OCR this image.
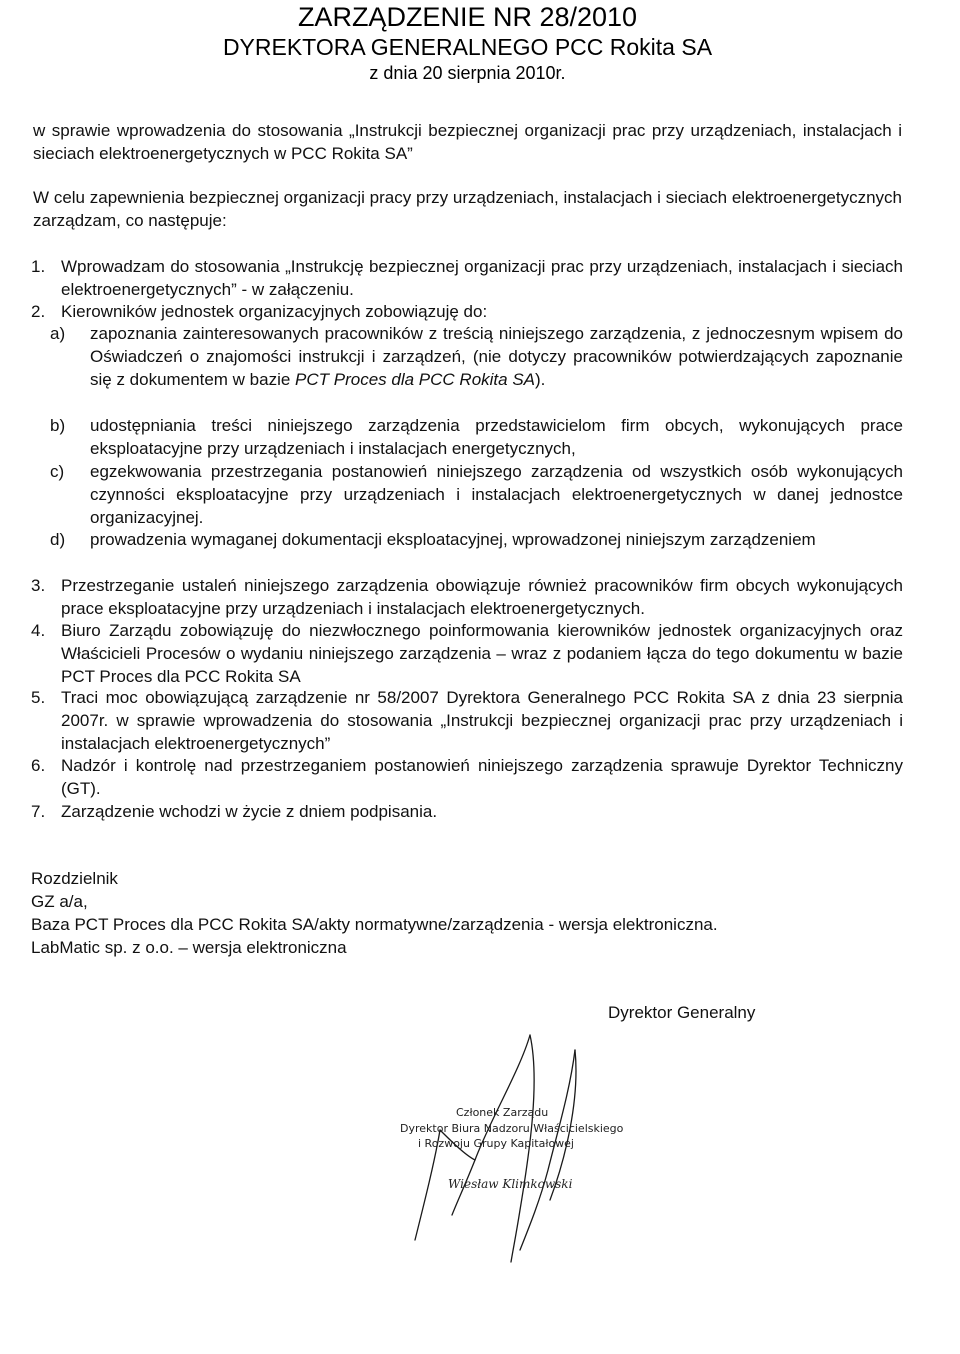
ZARZĄDZENIE NR 28/2010
DYREKTORA GENERALNEGO PCC Rokita SA
z dnia 20 sierpnia 2010r.
w sprawie wprowadzenia do stosowania „Instrukcji bezpiecznej organizacji prac przy urządzeniach, instalacjach i sieciach elektroenergetycznych w PCC Rokita SA”
W celu zapewnienia bezpiecznej organizacji pracy przy urządzeniach, instalacjach i sieciach elektroenergetycznych zarządzam, co następuje:
1. Wprowadzam do stosowania „Instrukcję bezpiecznej organizacji prac przy urządzeniach, instalacjach i sieciach elektroenergetycznych” - w załączeniu.
2. Kierowników jednostek organizacyjnych zobowiązuję do:
a)	zapoznania zainteresowanych pracowników z treścią niniejszego zarządzenia, z jednoczesnym wpisem do Oświadczeń o znajomości instrukcji i zarządzeń, (nie dotyczy pracowników potwierdzających zapoznanie się z dokumentem w bazie PCT Proces dla PCC Rokita SA).
b)	udostępniania treści niniejszego zarządzenia przedstawicielom firm obcych, wykonujących prace eksploatacyjne przy urządzeniach i instalacjach energetycznych,
c)	egzekwowania przestrzegania postanowień niniejszego zarządzenia od wszystkich osób wykonujących czynności eksploatacyjne przy urządzeniach i instalacjach elektroenergetycznych w danej jednostce organizacyjnej.
d)	prowadzenia wymaganej dokumentacji eksploatacyjnej, wprowadzonej niniejszym zarządzeniem
3. Przestrzeganie ustaleń niniejszego zarządzenia obowiązuje również pracowników firm obcych wykonujących prace eksploatacyjne przy urządzeniach i instalacjach elektroenergetycznych.
4. Biuro Zarządu zobowiązuję do niezwłocznego poinformowania kierowników jednostek organizacyjnych oraz Właścicieli Procesów o wydaniu niniejszego zarządzenia – wraz z podaniem łącza do tego dokumentu w bazie PCT Proces dla PCC Rokita SA
5. Traci moc obowiązującą zarządzenie nr 58/2007 Dyrektora Generalnego PCC Rokita SA z dnia 23 sierpnia 2007r. w sprawie wprowadzenia do stosowania „Instrukcji bezpiecznej organizacji prac przy urządzeniach i instalacjach elektroenergetycznych”
6. Nadzór i kontrolę nad przestrzeganiem postanowień niniejszego zarządzenia sprawuje Dyrektor Techniczny (GT).
7. Zarządzenie wchodzi w życie z dniem podpisania.
Rozdzielnik
GZ a/a,
Baza PCT Proces dla PCC Rokita SA/akty normatywne/zarządzenia - wersja elektroniczna.
LabMatic sp. z o.o. – wersja elektroniczna
Dyrektor Generalny
Członek Zarządu
Dyrektor Biura Nadzoru Właścicielskiego
i Rozwoju Grupy Kapitałowej
Wiesław Klimkowski
